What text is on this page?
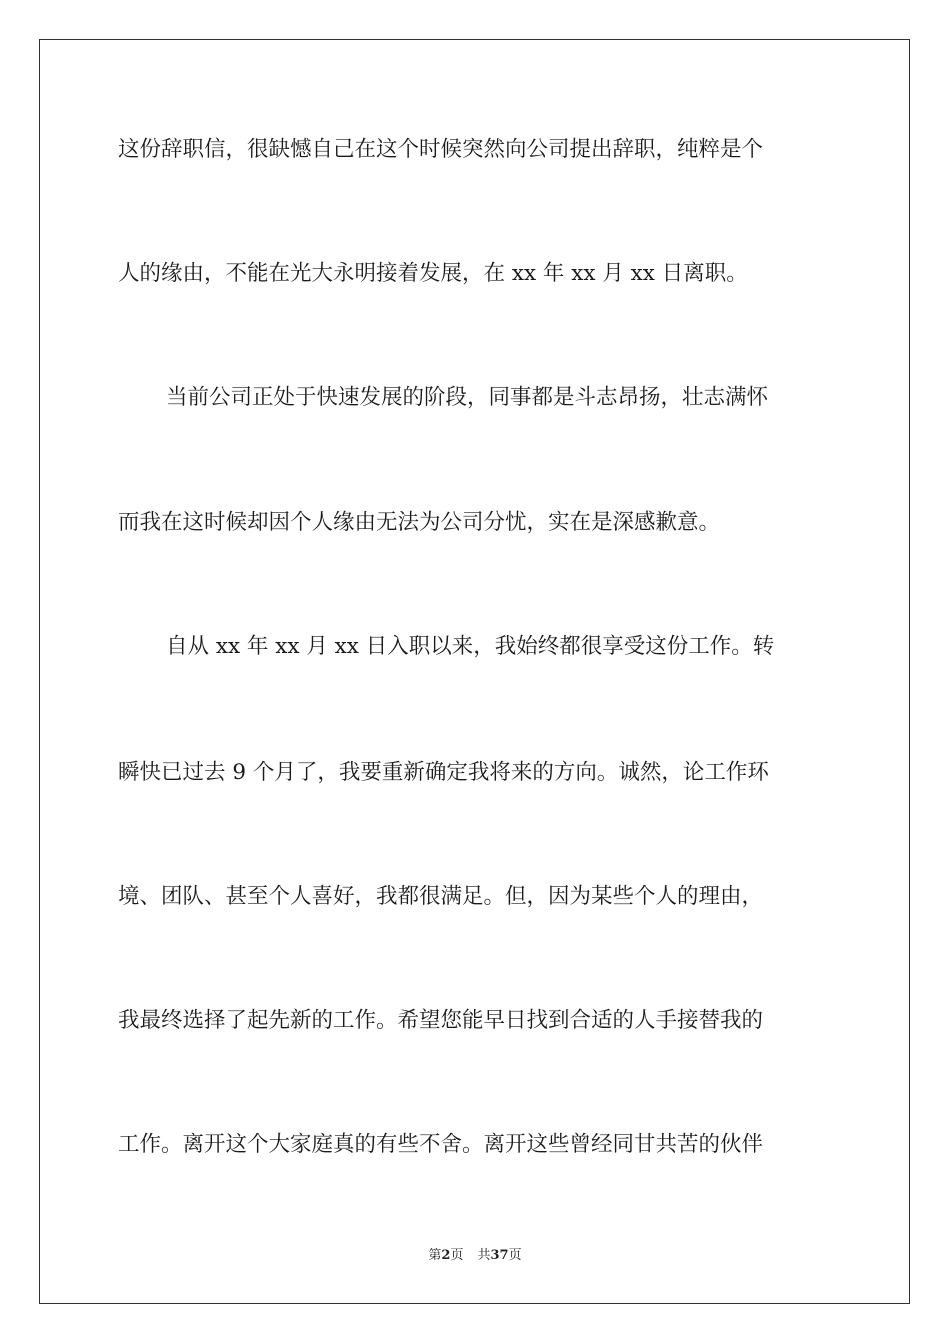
这份辞职信，很缺憾自己在这个时候突然向公司提出辞职，纯粹是个
人的缘由，不能在光大永明接着发展，在 xx 年 xx 月 xx 日离职。
当前公司正处于快速发展的阶段，同事都是斗志昂扬，壮志满怀
而我在这时候却因个人缘由无法为公司分忧，实在是深感歉意。
自从 xx 年 xx 月 xx 日入职以来，我始终都很享受这份工作。转
瞬快已过去 9 个月了，我要重新确定我将来的方向。诚然，论工作环
境、团队、甚至个人喜好，我都很满足。但，因为某些个人的理由，
我最终选择了起先新的工作。希望您能早日找到合适的人手接替我的
工作。离开这个大家庭真的有些不舍。离开这些曾经同甘共苦的伙伴
第2页 共37页
